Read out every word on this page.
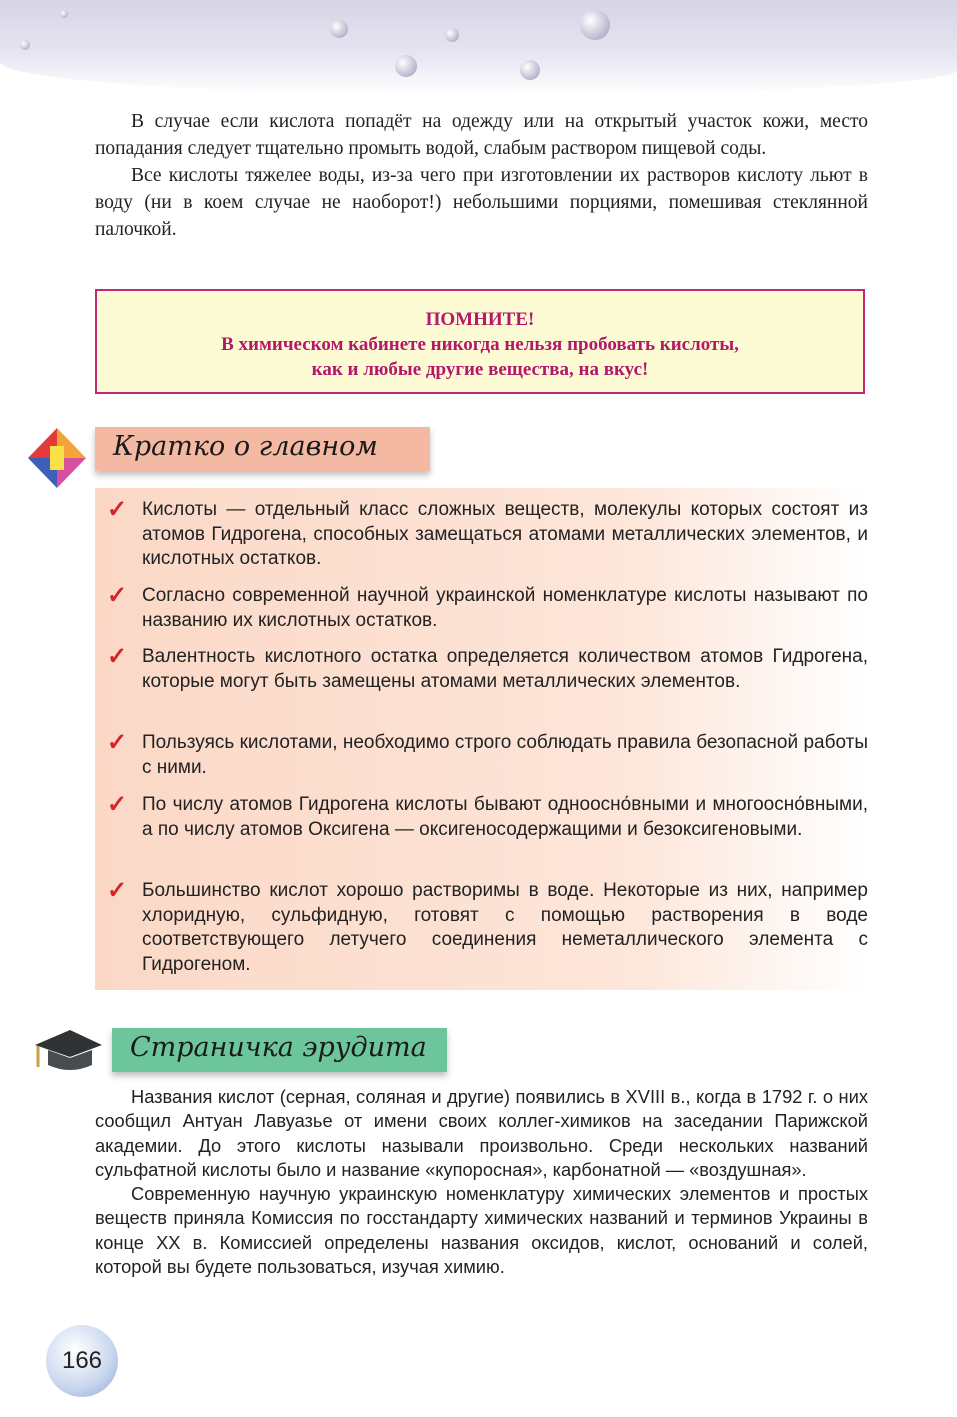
В случае если кислота попадёт на одежду или на открытый участок кожи, место попадания следует тщательно промыть водой, слабым раствором пищевой соды.

Все кислоты тяжелее воды, из-за чего при изготовлении их растворов кислоту льют в воду (ни в коем случае не наоборот!) небольшими порциями, помешивая стеклянной палочкой.

ПОМНИТЕ!
В химическом кабинете никогда нельзя пробовать кислоты,
как и любые другие вещества, на вкус!
Кратко о главном
✓ Кислоты — отдельный класс сложных веществ, молекулы которых состоят из атомов Гидрогена, способных замещаться атомами металлических элементов, и кислотных остатков.
✓ Согласно современной научной украинской номенклатуре кислоты называют по названию их кислотных остатков.
✓ Валентность кислотного остатка определяется количеством атомов Гидрогена, которые могут быть замещены атомами металлических элементов.
✓ Пользуясь кислотами, необходимо строго соблюдать правила безопасной работы с ними.
✓ По числу атомов Гидрогена кислоты бывают одноосно́вными и многоосно́вными, а по числу атомов Оксигена — оксигеносодержащими и безоксигеновыми.
✓ Большинство кислот хорошо растворимы в воде. Некоторые из них, например хлоридную, сульфидную, готовят с помощью растворения в воде соответствующего летучего соединения неметаллического элемента с Гидрогеном.
Страничка эрудита

Названия кислот (серная, соляная и другие) появились в XVIII в., когда в 1792 г. о них сообщил Антуан Лавуазье от имени своих коллег-химиков на заседании Парижской академии. До этого кислоты называли произвольно. Среди нескольких названий сульфатной кислоты было и название «купоросная», карбонатной — «воздушная».

Современную научную украинскую номенклатуру химических элементов и простых веществ приняла Комиссия по госстандарту химических названий и терминов Украины в конце XX в. Комиссией определены названия оксидов, кислот, оснований и солей, которой вы будете пользоваться, изучая химию.

166
